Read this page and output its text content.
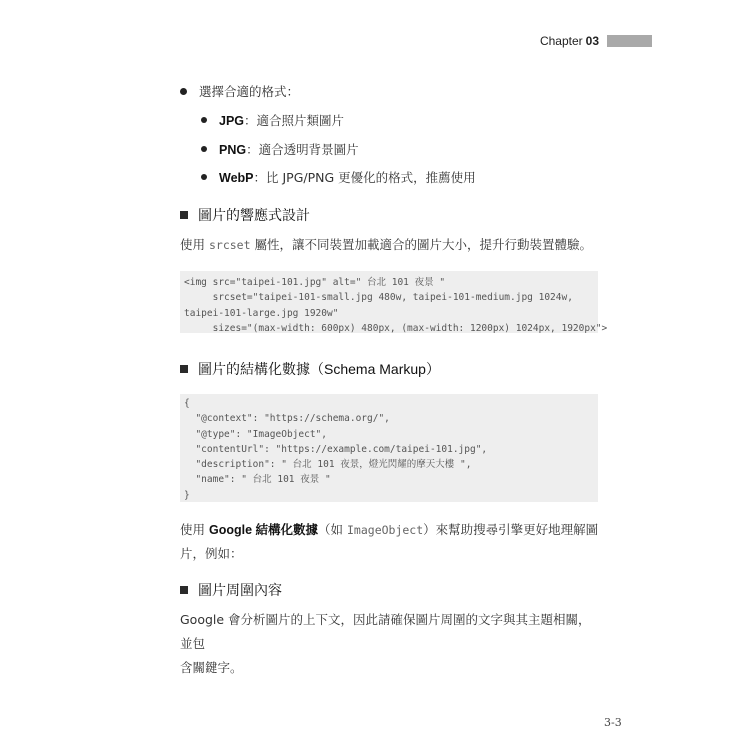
Chapter 03
選擇合適的格式：
JPG：適合照片類圖片
PNG：適合透明背景圖片
WebP：比 JPG/PNG 更優化的格式，推薦使用
圖片的響應式設計
使用 srcset 屬性，讓不同裝置加載適合的圖片大小，提升行動裝置體驗。
<img src="taipei-101.jpg" alt=" 台北 101 夜景 "
srcset="taipei-101-small.jpg 480w, taipei-101-medium.jpg 1024w,
taipei-101-large.jpg 1920w"
sizes="(max-width: 600px) 480px, (max-width: 1200px) 1024px, 1920px">
圖片的結構化數據（ Schema Markup ）
{
"@context": "https://schema.org/",
"@type": "ImageObject",
"contentUrl": "https://example.com/taipei-101.jpg",
"description": " 台北 101 夜景，燈光閃耀的摩天大樓 ",
"name": " 台北 101 夜景 "
}
使用 Google 結構化數據（如 ImageObject）來幫助搜尋引擎更好地理解圖
片，例如：
圖片周圍內容
Google 會分析圖片的上下文，因此請確保圖片周圍的文字與其主題相關，並包
含關鍵字。
3-3
